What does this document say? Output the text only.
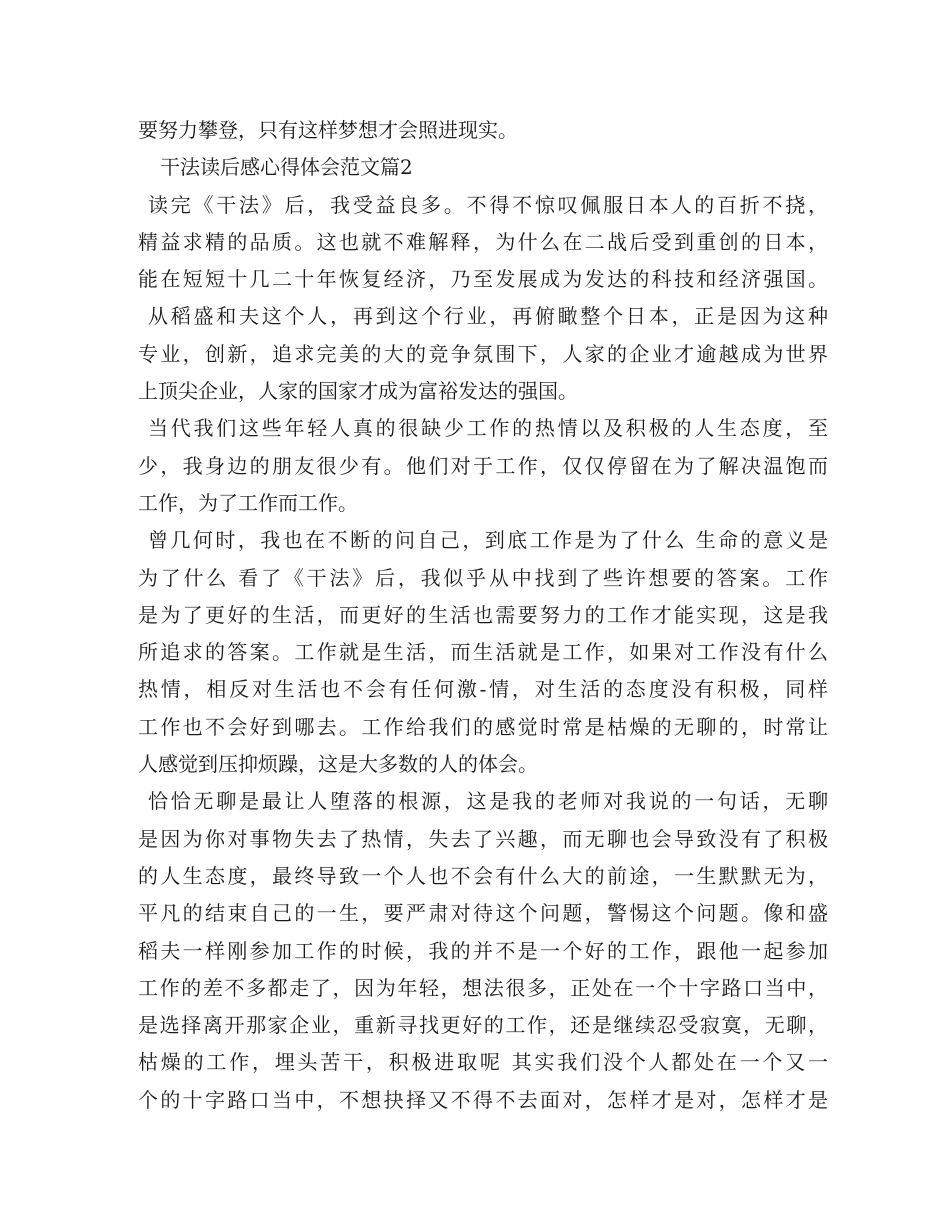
要努力攀登，只有这样梦想才会照进现实。
干法读后感心得体会范文篇2
读完《干法》后，我受益良多。不得不惊叹佩服日本人的百折不挠，
精益求精的品质。这也就不难解释，为什么在二战后受到重创的日本，
能在短短十几二十年恢复经济，乃至发展成为发达的科技和经济强国。
从稻盛和夫这个人，再到这个行业，再俯瞰整个日本，正是因为这种
专业，创新，追求完美的大的竞争氛围下，人家的企业才逾越成为世界
上顶尖企业，人家的国家才成为富裕发达的强国。
当代我们这些年轻人真的很缺少工作的热情以及积极的人生态度，至
少，我身边的朋友很少有。他们对于工作，仅仅停留在为了解决温饱而
工作，为了工作而工作。
曾几何时，我也在不断的问自己，到底工作是为了什么 生命的意义是
为了什么 看了《干法》后，我似乎从中找到了些许想要的答案。工作
是为了更好的生活，而更好的生活也需要努力的工作才能实现，这是我
所追求的答案。工作就是生活，而生活就是工作，如果对工作没有什么
热情，相反对生活也不会有任何激-情，对生活的态度没有积极，同样
工作也不会好到哪去。工作给我们的感觉时常是枯燥的无聊的，时常让
人感觉到压抑烦躁，这是大多数的人的体会。
恰恰无聊是最让人堕落的根源，这是我的老师对我说的一句话，无聊
是因为你对事物失去了热情，失去了兴趣，而无聊也会导致没有了积极
的人生态度，最终导致一个人也不会有什么大的前途，一生默默无为，
平凡的结束自己的一生，要严肃对待这个问题，警惕这个问题。像和盛
稻夫一样刚参加工作的时候，我的并不是一个好的工作，跟他一起参加
工作的差不多都走了，因为年轻，想法很多，正处在一个十字路口当中，
是选择离开那家企业，重新寻找更好的工作，还是继续忍受寂寞，无聊，
枯燥的工作，埋头苦干，积极进取呢 其实我们没个人都处在一个又一
个的十字路口当中，不想抉择又不得不去面对，怎样才是对，怎样才是
